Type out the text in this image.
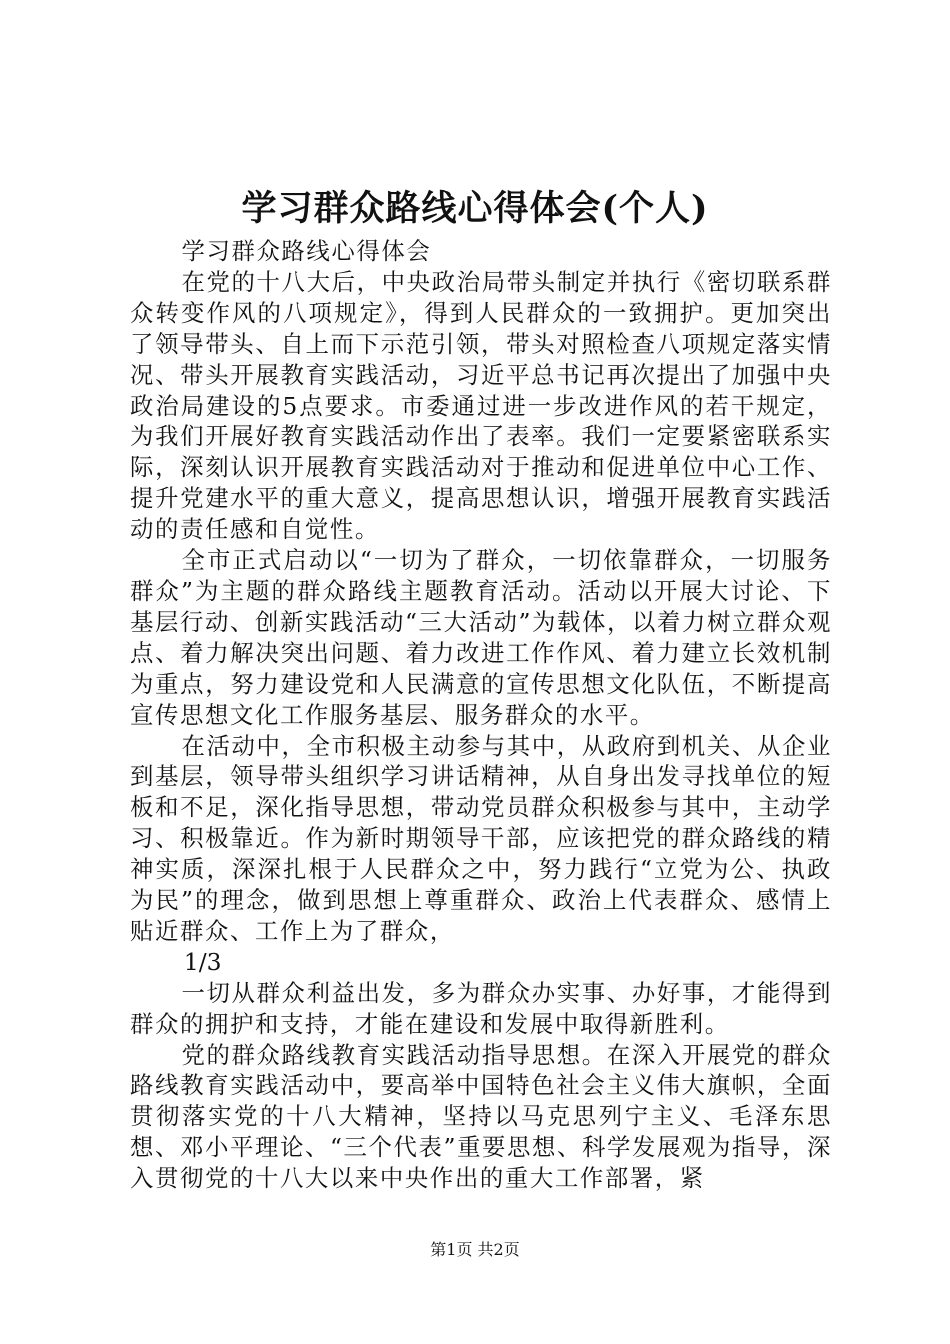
学习群众路线心得体会(个人)

学习群众路线心得体会

在党的十八大后，中央政治局带头制定并执行《密切联系群众转变作风的八项规定》，得到人民群众的一致拥护。更加突出了领导带头、自上而下示范引领，带头对照检查八项规定落实情况、带头开展教育实践活动，习近平总书记再次提出了加强中央政治局建设的5点要求。市委通过进一步改进作风的若干规定，为我们开展好教育实践活动作出了表率。我们一定要紧密联系实际，深刻认识开展教育实践活动对于推动和促进单位中心工作、提升党建水平的重大意义，提高思想认识，增强开展教育实践活动的责任感和自觉性。

全市正式启动以“一切为了群众，一切依靠群众，一切服务群众”为主题的群众路线主题教育活动。活动以开展大讨论、下基层行动、创新实践活动“三大活动”为载体，以着力树立群众观点、着力解决突出问题、着力改进工作作风、着力建立长效机制为重点，努力建设党和人民满意的宣传思想文化队伍，不断提高宣传思想文化工作服务基层、服务群众的水平。

在活动中，全市积极主动参与其中，从政府到机关、从企业到基层，领导带头组织学习讲话精神，从自身出发寻找单位的短板和不足，深化指导思想，带动党员群众积极参与其中，主动学习、积极靠近。作为新时期领导干部，应该把党的群众路线的精神实质，深深扎根于人民群众之中，努力践行“立党为公、执政为民”的理念，做到思想上尊重群众、政治上代表群众、感情上贴近群众、工作上为了群众，

1/3

一切从群众利益出发，多为群众办实事、办好事，才能得到群众的拥护和支持，才能在建设和发展中取得新胜利。

党的群众路线教育实践活动指导思想。在深入开展党的群众路线教育实践活动中，要高举中国特色社会主义伟大旗帜，全面贯彻落实党的十八大精神，坚持以马克思列宁主义、毛泽东思想、邓小平理论、“三个代表”重要思想、科学发展观为指导，深入贯彻党的十八大以来中央作出的重大工作部署，紧

第1页 共2页
